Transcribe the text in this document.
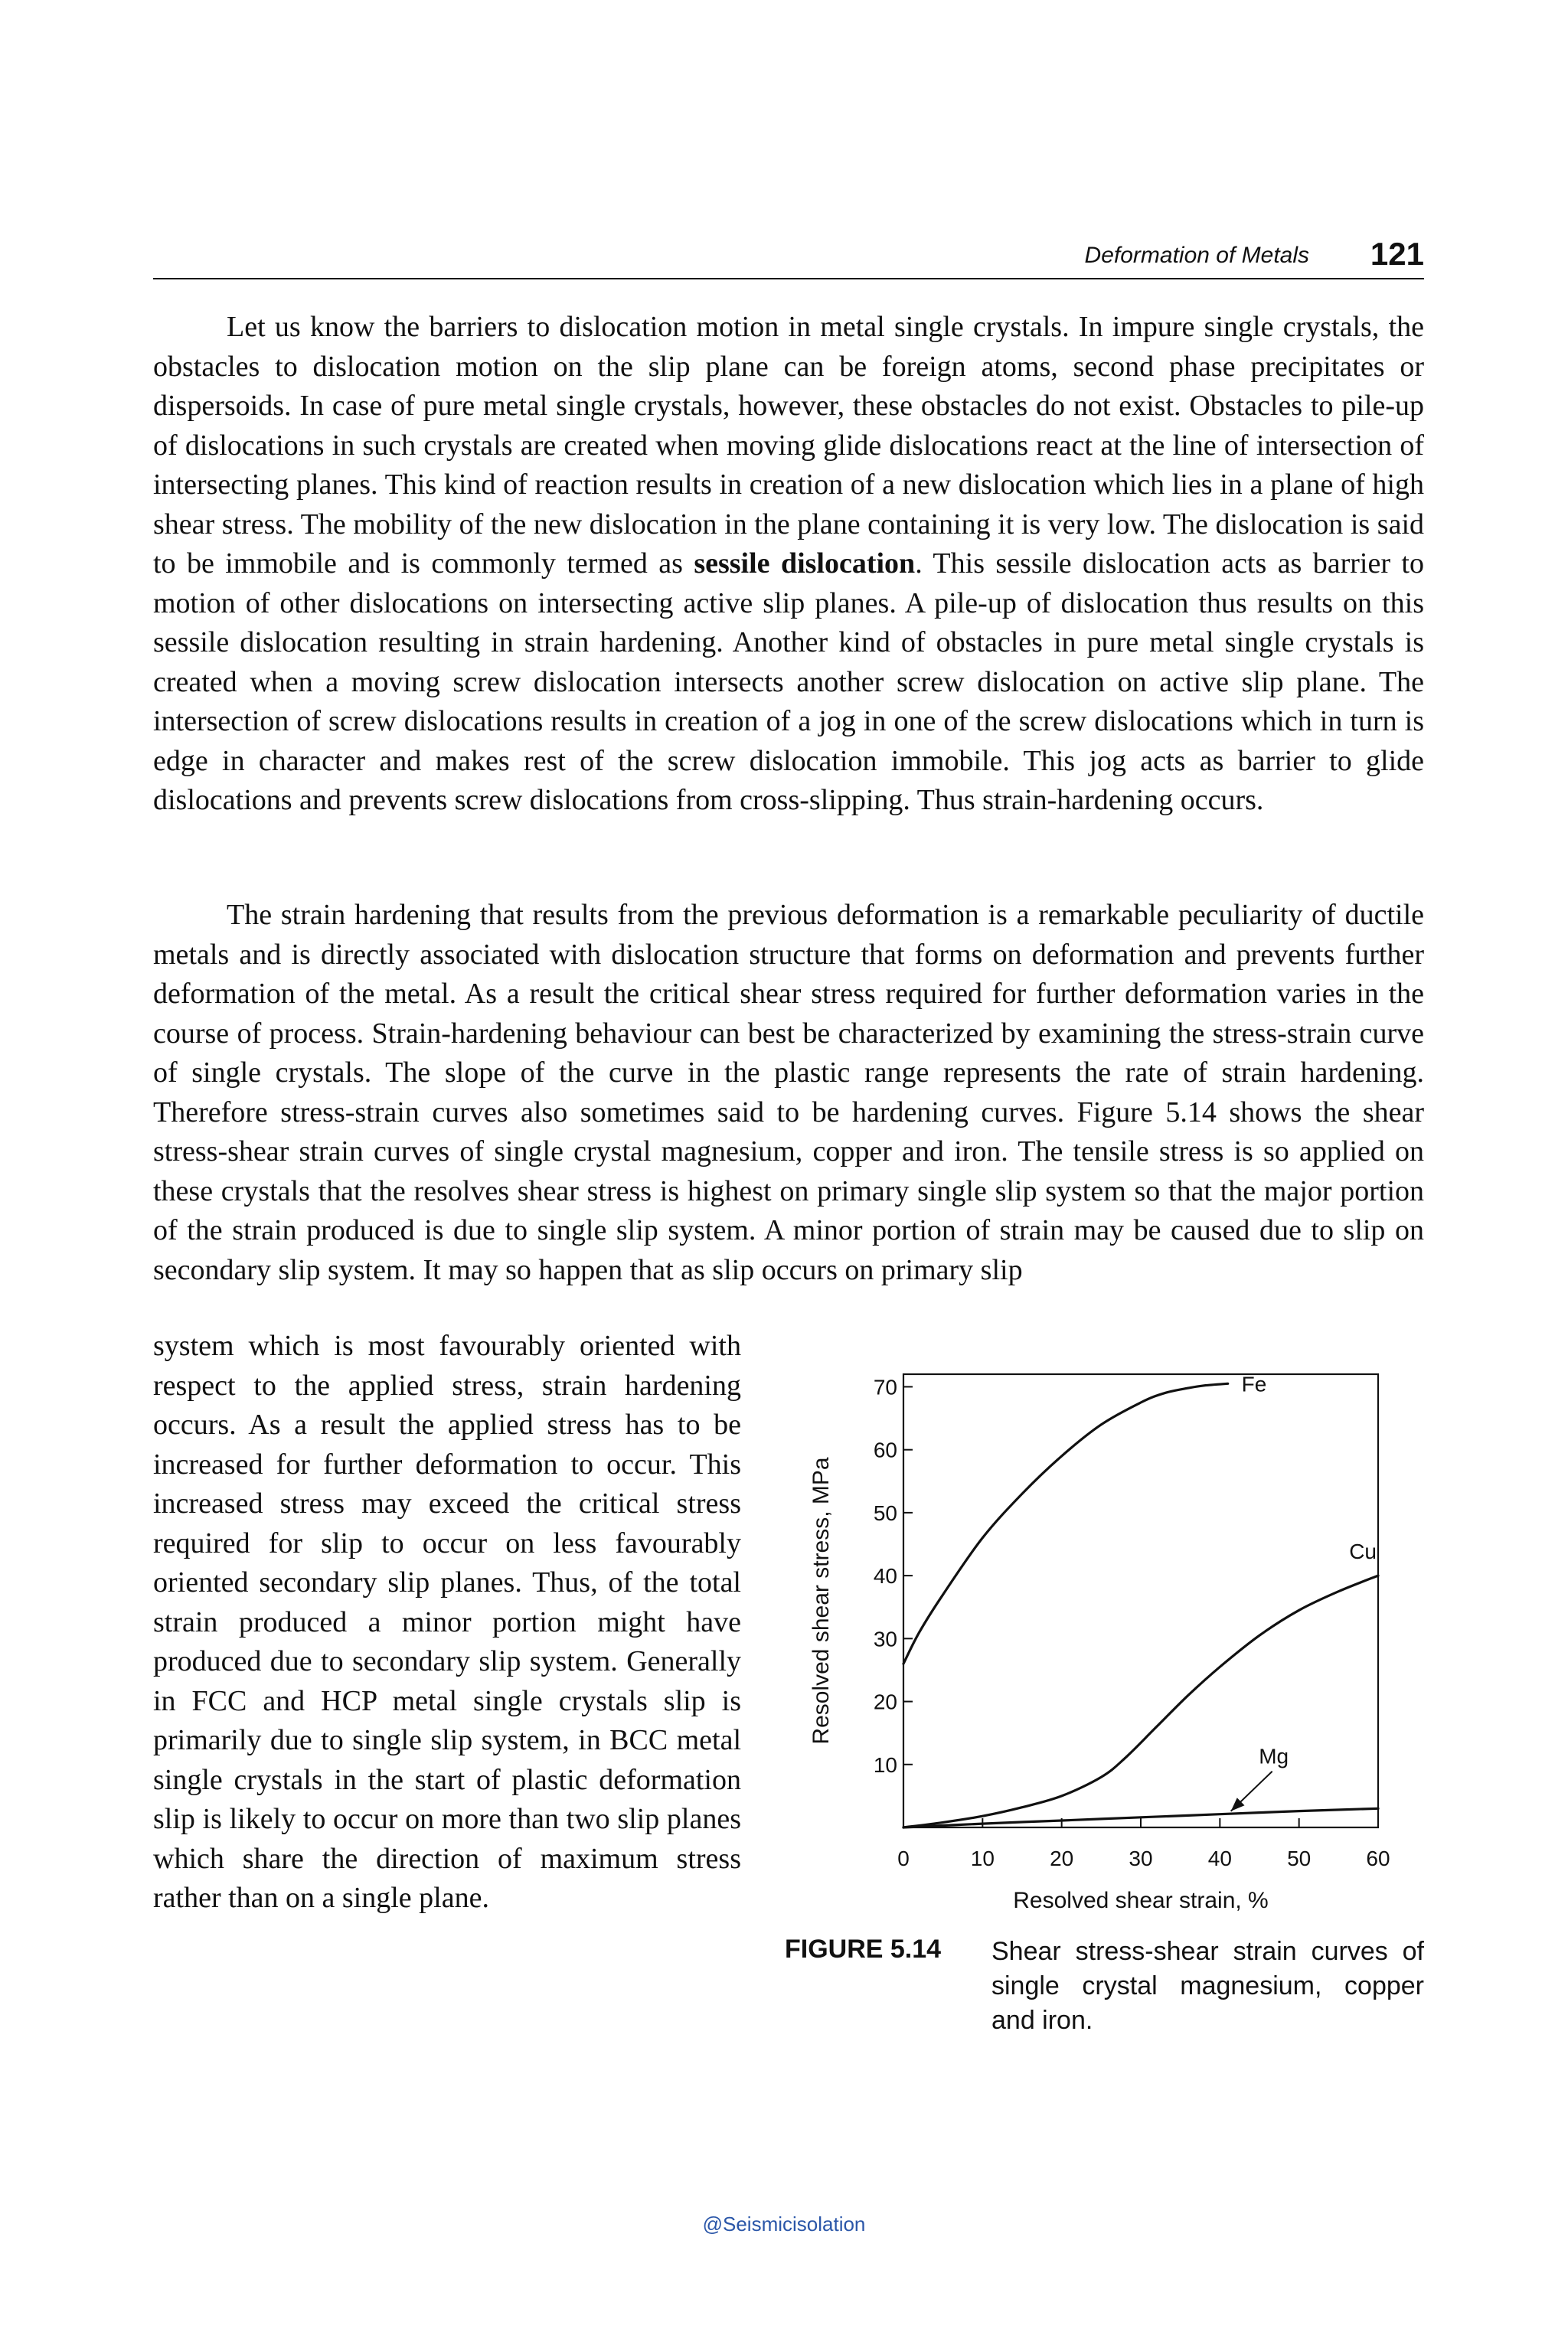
Deformation of Metals 121

Let us know the barriers to dislocation motion in metal single crystals. In impure single crystals, the obstacles to dislocation motion on the slip plane can be foreign atoms, second phase precipitates or dispersoids. In case of pure metal single crystals, however, these obstacles do not exist. Obstacles to pile-up of dislocations in such crystals are created when moving glide dislocations react at the line of intersection of intersecting planes. This kind of reaction results in creation of a new dislocation which lies in a plane of high shear stress. The mobility of the new dislocation in the plane containing it is very low. The dislocation is said to be immobile and is commonly termed as sessile dislocation. This sessile dislocation acts as barrier to motion of other dislocations on intersecting active slip planes. A pile-up of dislocation thus results on this sessile dislocation resulting in strain hardening. Another kind of obstacles in pure metal single crystals is created when a moving screw dislocation intersects another screw dislocation on active slip plane. The intersection of screw dislocations results in creation of a jog in one of the screw dislocations which in turn is edge in character and makes rest of the screw dislocation immobile. This jog acts as barrier to glide dislocations and prevents screw dislocations from cross-slipping. Thus strain-hardening occurs.

The strain hardening that results from the previous deformation is a remarkable peculiarity of ductile metals and is directly associated with dislocation structure that forms on deformation and prevents further deformation of the metal. As a result the critical shear stress required for further deformation varies in the course of process. Strain-hardening behaviour can best be characterized by examining the stress-strain curve of single crystals. The slope of the curve in the plastic range represents the rate of strain hardening. Therefore stress-strain curves also sometimes said to be hardening curves. Figure 5.14 shows the shear stress-shear strain curves of single crystal magnesium, copper and iron. The tensile stress is so applied on these crystals that the resolves shear stress is highest on primary single slip system so that the major portion of the strain produced is due to single slip system. A minor portion of strain may be caused due to slip on secondary slip system. It may so happen that as slip occurs on primary slip

system which is most favourably oriented with respect to the applied stress, strain hardening occurs. As a result the applied stress has to be increased for further deformation to occur. This increased stress may exceed the critical stress required for slip to occur on less favourably oriented secondary slip planes. Thus, of the total strain produced a minor portion might have produced due to secondary slip system. Generally in FCC and HCP metal single crystals slip is primarily due to single slip system, in BCC metal single crystals in the start of plastic deformation slip is likely to occur on more than two slip planes which share the direction of maximum stress rather than on a single plane.

10
20
30
40
50
60
70
0	10	20	30	40	50	60
Fe
Cu
Mg
Resolved shear strain, %
Resolved shear stress, MPa
FIGURE 5.14 Shear stress-shear strain curves of single crystal magnesium, copper and iron.

@Seismicisolation
